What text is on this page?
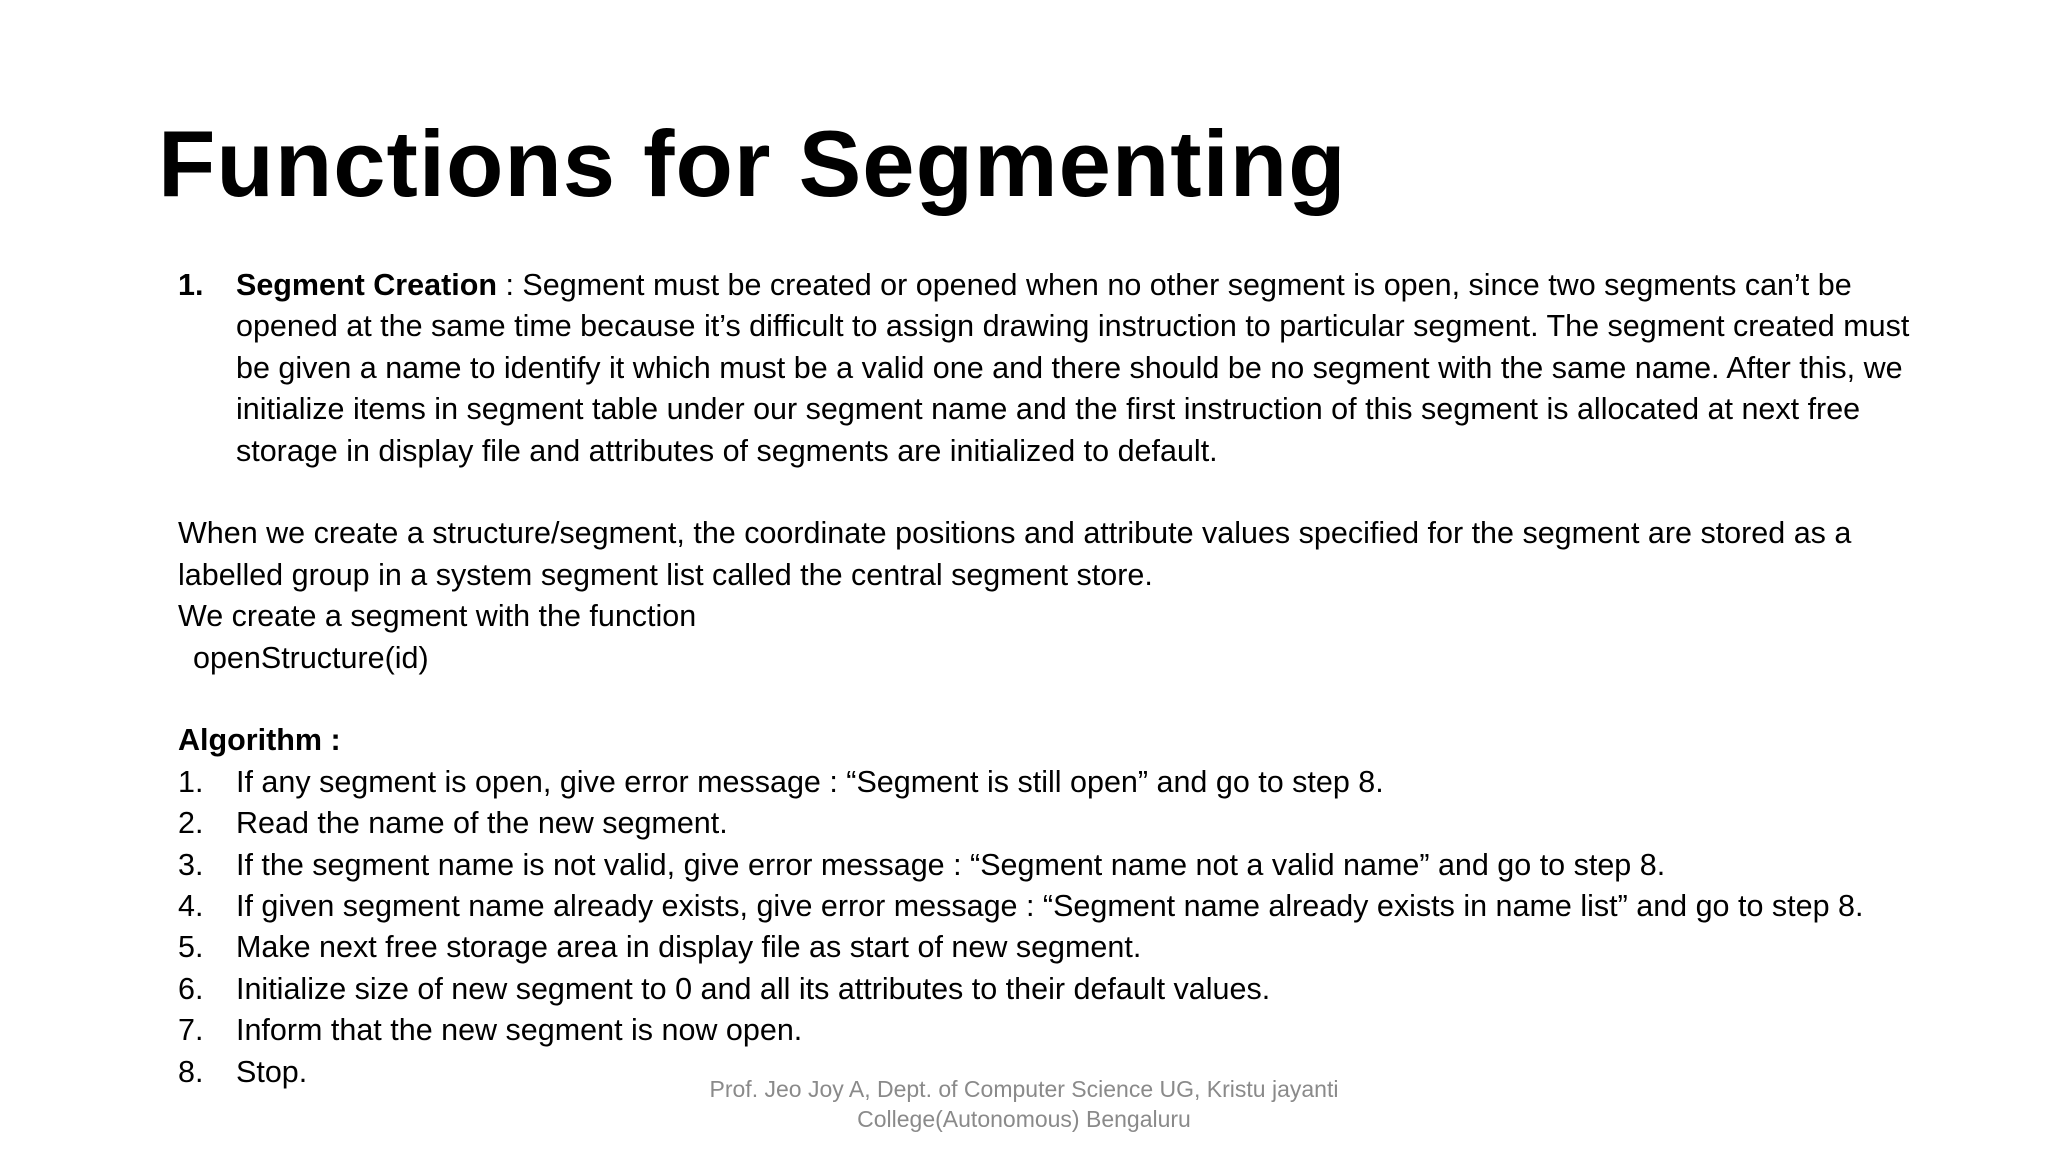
Functions for Segmenting
1.	Segment Creation : Segment must be created or opened when no other segment is open, since two segments can’t be opened at the same time because it’s difficult to assign drawing instruction to particular segment. The segment created must be given a name to identify it which must be a valid one and there should be no segment with the same name. After this, we initialize items in segment table under our segment name and the first instruction of this segment is allocated at next free storage in display file and attributes of segments are initialized to default.

When we create a structure/segment, the coordinate positions and attribute values specified for the segment are stored as a labelled group in a system segment list called the central segment store.

We create a segment with the function

openStructure(id)

Algorithm :

1.	If any segment is open, give error message : “Segment is still open” and go to step 8.
2.	Read the name of the new segment.
3.	If the segment name is not valid, give error message : “Segment name not a valid name” and go to step 8.
4.	If given segment name already exists, give error message : “Segment name already exists in name list” and go to step 8.
5.	Make next free storage area in display file as start of new segment.
6.	Initialize size of new segment to 0 and all its attributes to their default values.
7.	Inform that the new segment is now open.
8.	Stop.
Prof. Jeo Joy A, Dept. of Computer Science UG, Kristu jayanti
College(Autonomous) Bengaluru
